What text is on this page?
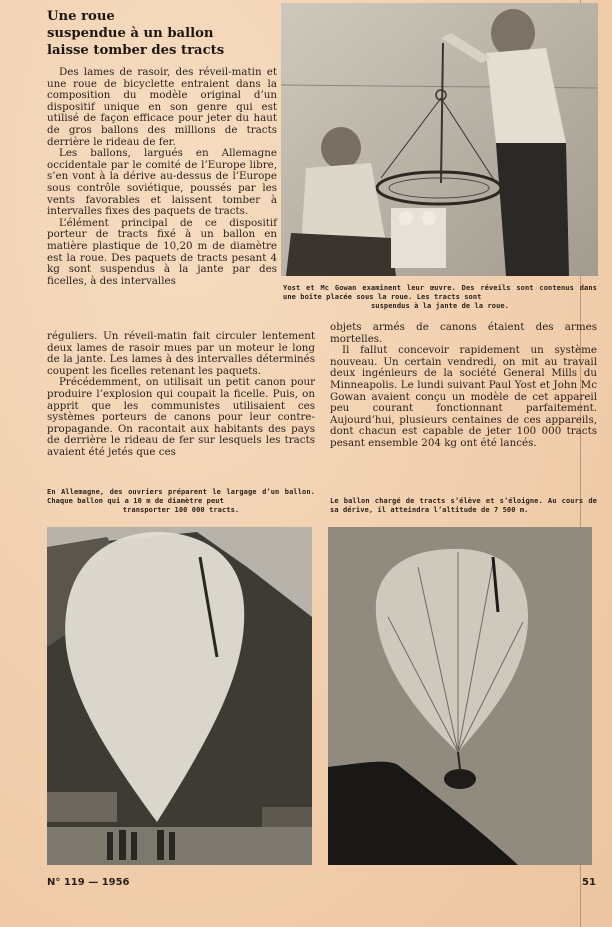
Une roue
suspendue à un ballon
laisse tomber des tracts

Des lames de rasoir, des réveil-matin et une roue de bicyclette entraient dans la composition du modèle original d’un dispositif unique en son genre qui est utilisé de façon efficace pour jeter du haut de gros ballons des millions de tracts derrière le rideau de fer.

Les ballons, largués en Allemagne occidentale par le comité de l’Europe libre, s’en vont à la dérive au-dessus de l’Europe sous contrôle soviétique, poussés par les vents favorables et laissent tomber à intervalles fixes des paquets de tracts.

L’élément principal de ce dispositif porteur de tracts fixé à un ballon en matière plastique de 10,20 m de diamètre est la roue. Des paquets de tracts pesant 4 kg sont suspendus à la jante par des ficelles, à des intervalles

réguliers. Un réveil-matin fait circuler lentement deux lames de rasoir mues par un moteur le long de la jante. Les lames à des intervalles déterminés coupent les ficelles retenant les paquets.

Précédemment, on utilisait un petit canon pour produire l’explosion qui coupait la ficelle. Puis, on apprit que les communistes utilisaient ces systèmes porteurs de canons pour leur contre-propagande. On racontait aux habitants des pays de derrière le rideau de fer sur lesquels les tracts avaient été jetés que ces

objets armés de canons étaient des armes mortelles.

Il fallut concevoir rapidement un système nouveau. Un certain vendredi, on mit au travail deux ingénieurs de la société General Mills du Minneapolis. Le lundi suivant Paul Yost et John Mc Gowan avaient conçu un modèle de cet appareil peu courant fonctionnant parfaitement. Aujourd’hui, plusieurs centaines de ces appareils, dont chacun est capable de jeter 100 000 tracts pesant ensemble 204 kg ont été lancés.

Yost et Mc Gowan examinent leur œuvre. Des réveils sont contenus dans une boîte placée sous la roue. Les tracts sont
suspendus à la jante de la roue.
En Allemagne, des ouvriers préparent le largage d’un ballon. Chaque ballon qui a 10 m de diamètre peut
transporter 100 000 tracts.
Le ballon chargé de tracts s’élève et s’éloigne. Au cours de sa dérive, il atteindra l’altitude de 7 500 m.
N° 119 — 1956	51
